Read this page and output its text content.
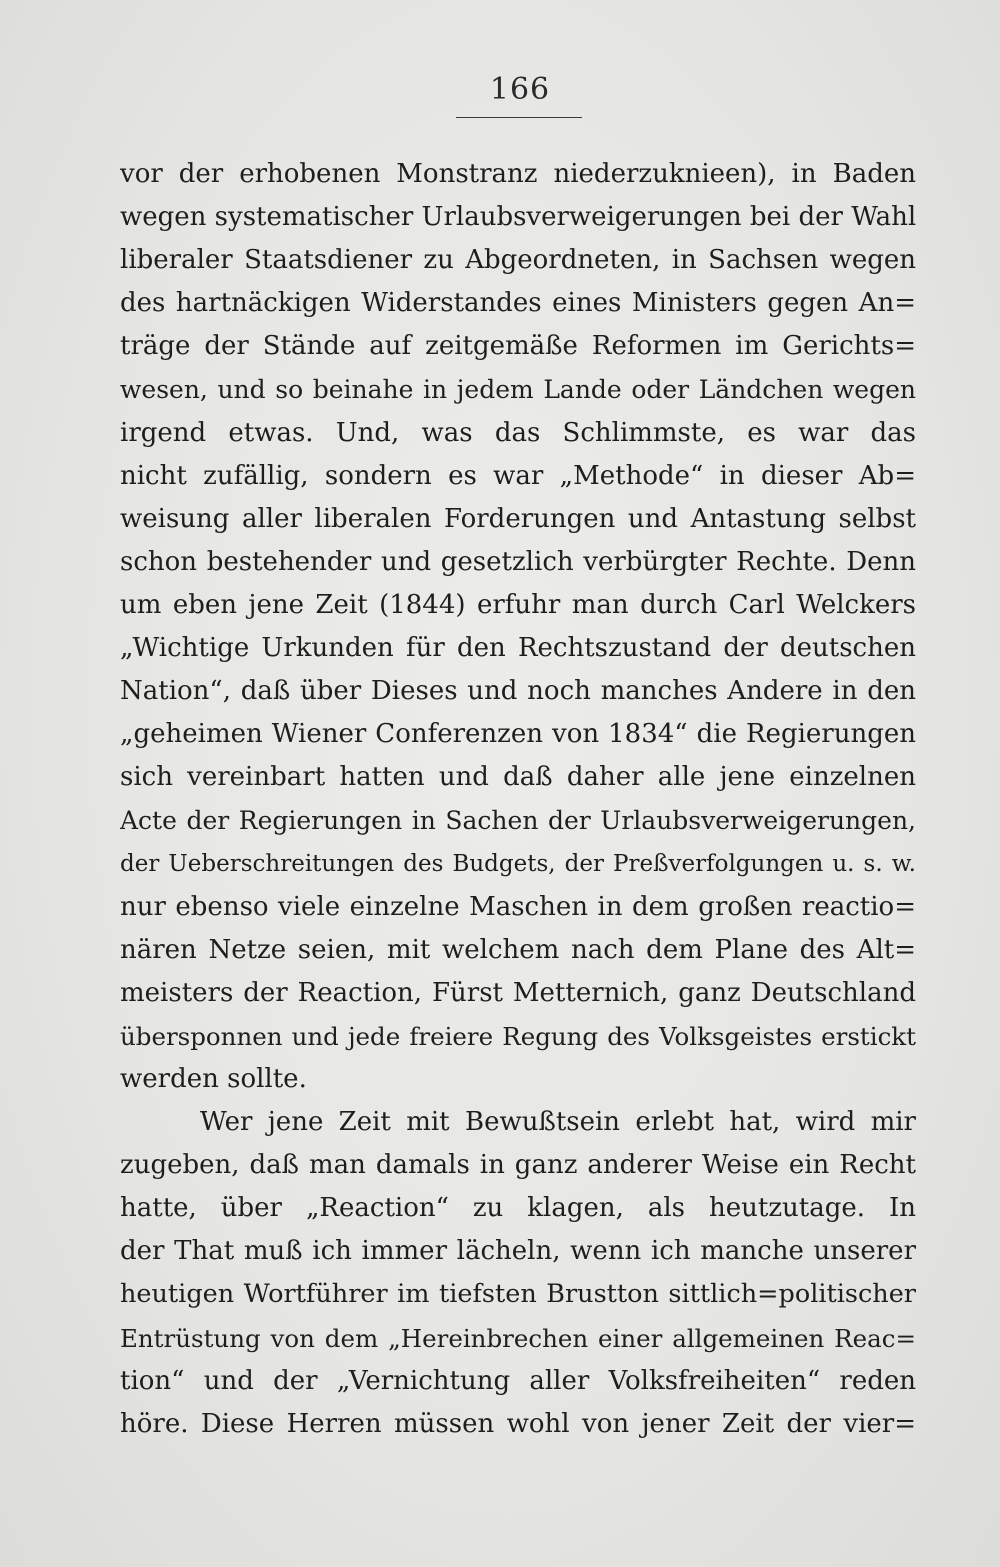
166
vor der erhobenen Monstranz niederzuknieen), in Baden
wegen systematischer Urlaubsverweigerungen bei der Wahl
liberaler Staatsdiener zu Abgeordneten, in Sachsen wegen
des hartnäckigen Widerstandes eines Ministers gegen An=
träge der Stände auf zeitgemäße Reformen im Gerichts=
wesen, und so beinahe in jedem Lande oder Ländchen wegen
irgend etwas. Und, was das Schlimmste, es war das
nicht zufällig, sondern es war „Methode“ in dieser Ab=
weisung aller liberalen Forderungen und Antastung selbst
schon bestehender und gesetzlich verbürgter Rechte. Denn
um eben jene Zeit (1844) erfuhr man durch Carl Welckers
„Wichtige Urkunden für den Rechtszustand der deutschen
Nation“, daß über Dieses und noch manches Andere in den
„geheimen Wiener Conferenzen von 1834“ die Regierungen
sich vereinbart hatten und daß daher alle jene einzelnen
Acte der Regierungen in Sachen der Urlaubsverweigerungen,
der Ueberschreitungen des Budgets, der Preßverfolgungen u. s. w.
nur ebenso viele einzelne Maschen in dem großen reactio=
nären Netze seien, mit welchem nach dem Plane des Alt=
meisters der Reaction, Fürst Metternich, ganz Deutschland
übersponnen und jede freiere Regung des Volksgeistes erstickt
werden sollte.
Wer jene Zeit mit Bewußtsein erlebt hat, wird mir
zugeben, daß man damals in ganz anderer Weise ein Recht
hatte, über „Reaction“ zu klagen, als heutzutage. In
der That muß ich immer lächeln, wenn ich manche unserer
heutigen Wortführer im tiefsten Brustton sittlich=politischer
Entrüstung von dem „Hereinbrechen einer allgemeinen Reac=
tion“ und der „Vernichtung aller Volksfreiheiten“ reden
höre. Diese Herren müssen wohl von jener Zeit der vier=
